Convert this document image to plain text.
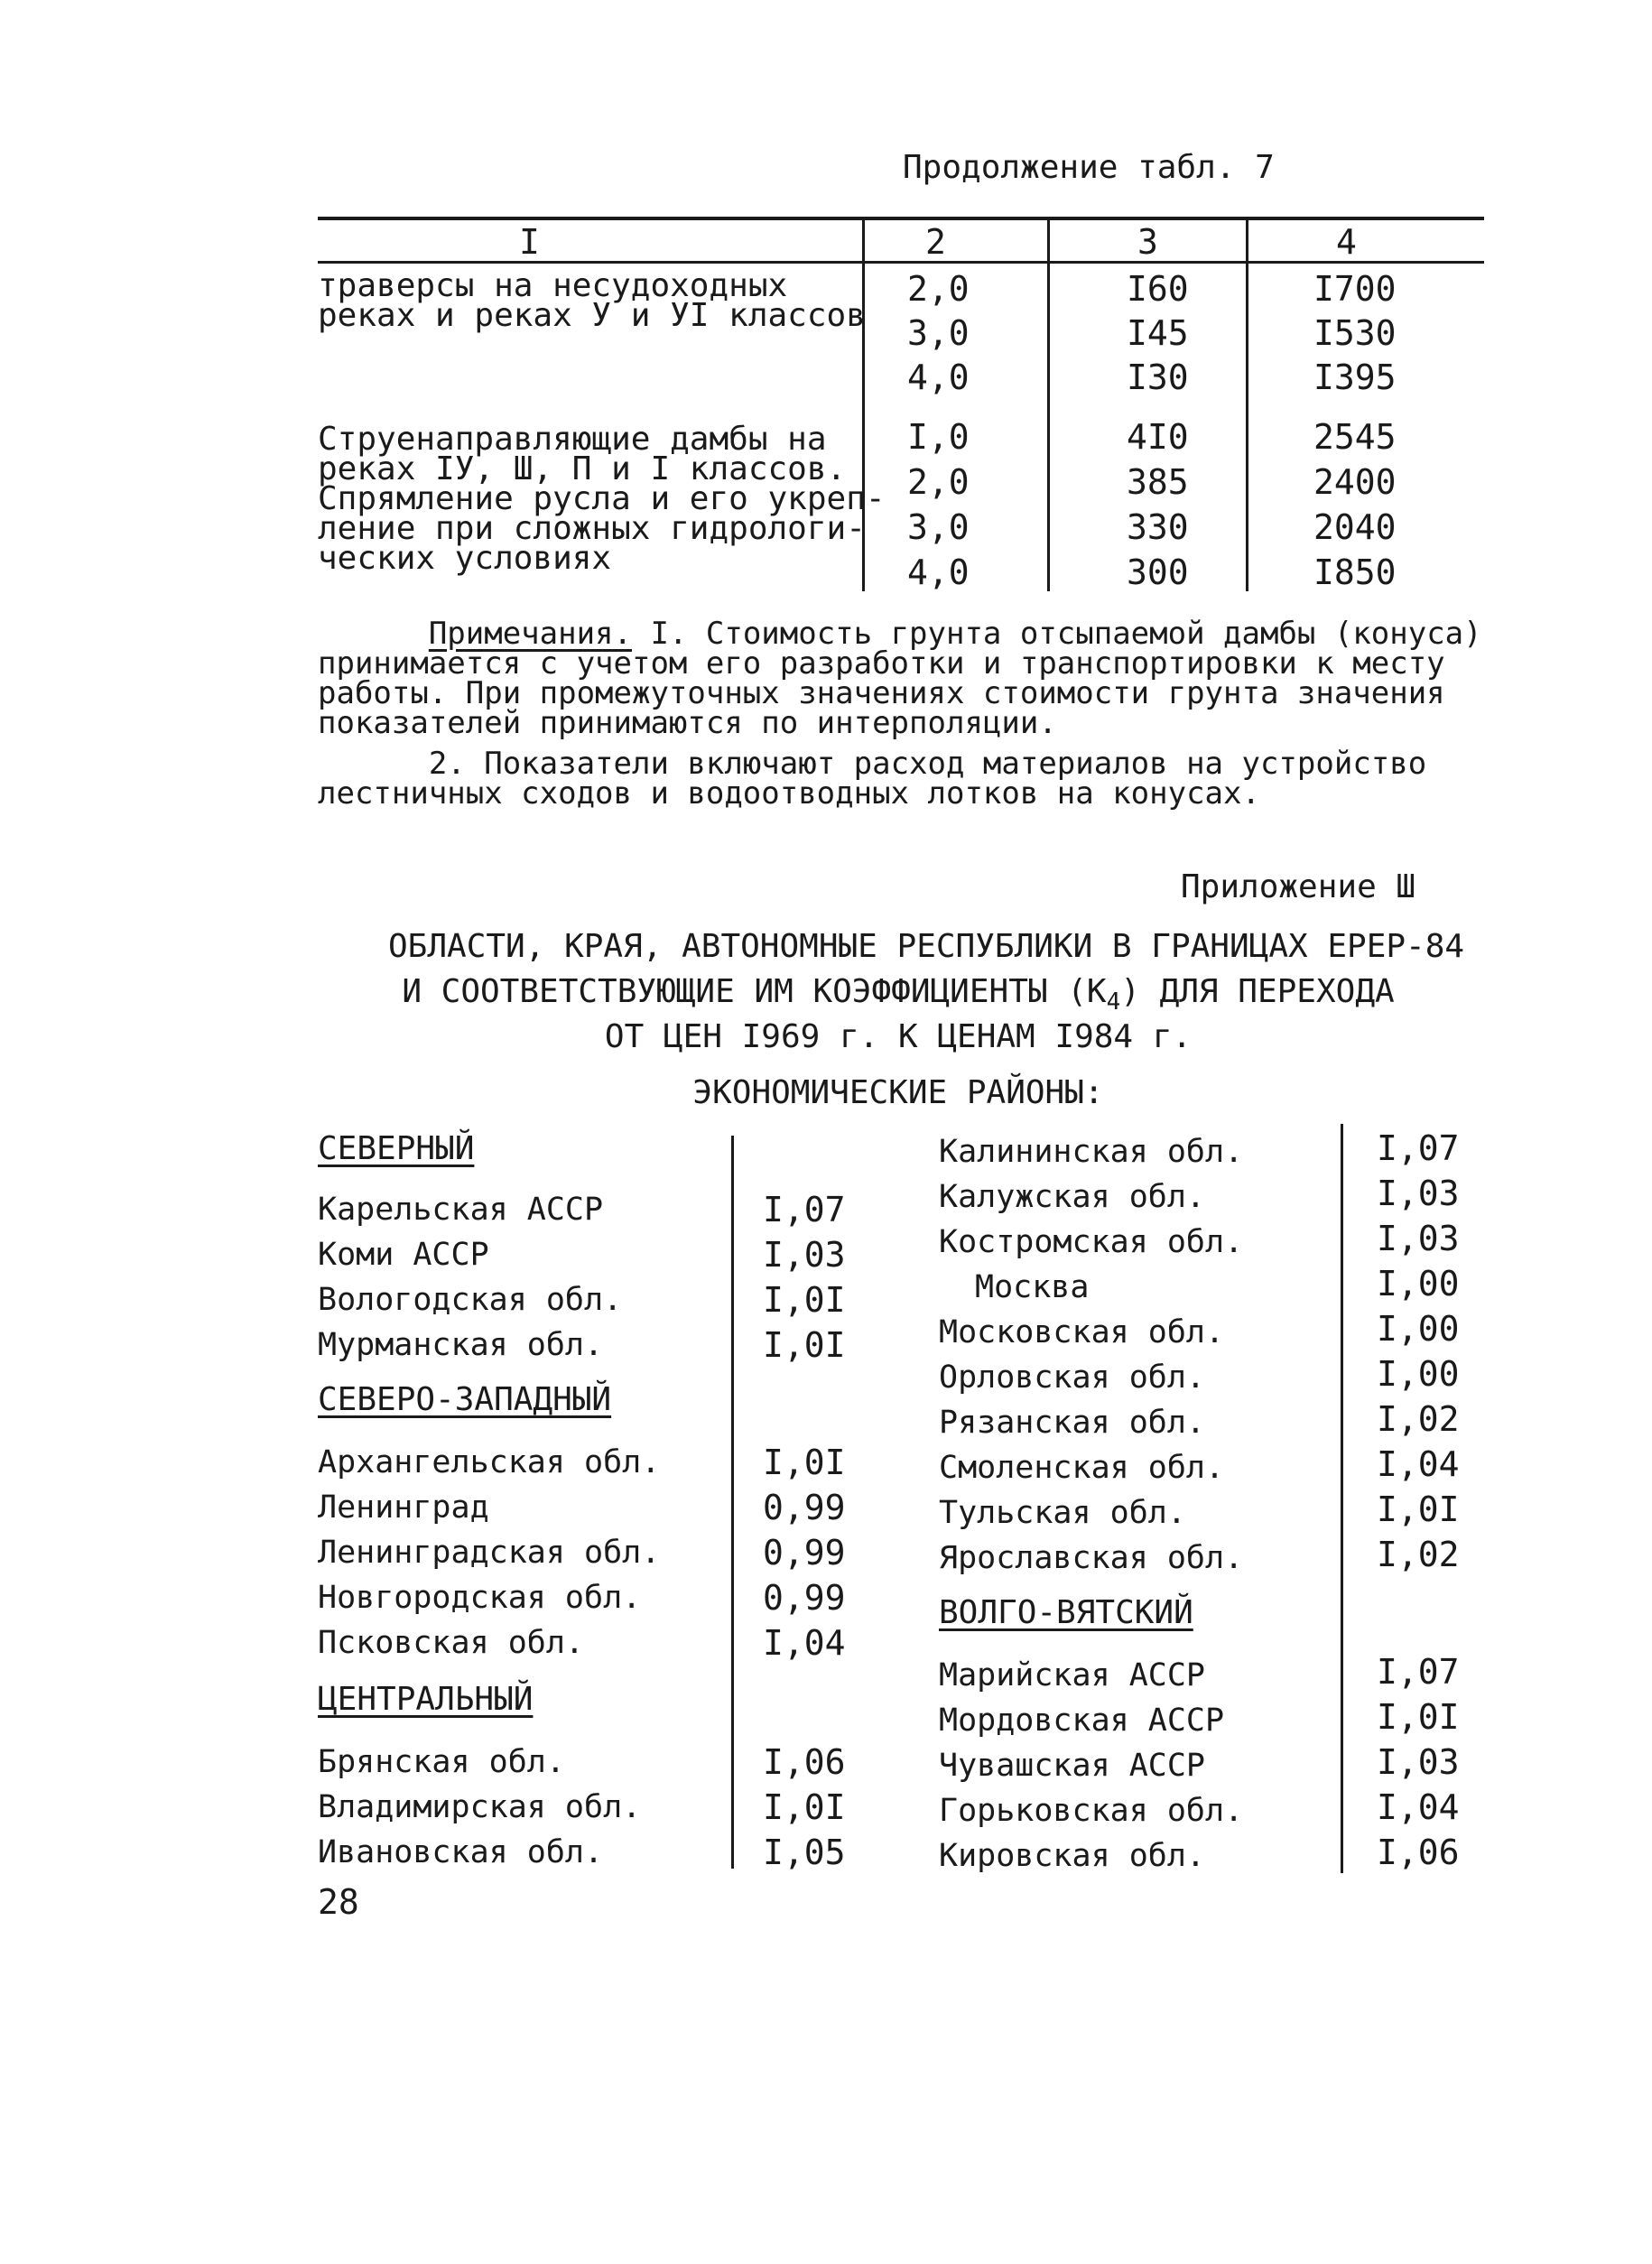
Продолжение табл. 7
I	2	3	4
траверсы на несудоходных
реках и реках У и УI классов
2,0	I60	I700
3,0	I45	I530
4,0	I30	I395
Струенаправляющие дамбы на
реках IУ, Ш, П и I классов.
Спрямление русла и его укреп-
ление при сложных гидрологи-
ческих условиях
I,0	4I0	2545
2,0	385	2400
3,0	330	2040
4,0	300	I850
Примечания. I. Стоимость грунта отсыпаемой дамбы (конуса)
принимается с учетом его разработки и транспортировки к месту
работы. При промежуточных значениях стоимости грунта значения
показателей принимаются по интерполяции.
2. Показатели включают расход материалов на устройство
лестничных сходов и водоотводных лотков на конусах.
Приложение Ш
ОБЛАСТИ, КРАЯ, АВТОНОМНЫЕ РЕСПУБЛИКИ В ГРАНИЦАХ ЕРЕР-84
И СООТВЕТСТВУЮЩИЕ ИМ КОЭФФИЦИЕНТЫ $(К_4)$ ДЛЯ ПЕРЕХОДА
ОТ ЦЕН I969 г. К ЦЕНАМ I984 г.
ЭКОНОМИЧЕСКИЕ РАЙОНЫ:
СЕВЕРНЫЙ
Карельская АССР	I,07
Коми АССР	I,03
Вологодская обл.	I,0I
Мурманская обл.	I,0I
СЕВЕРО-ЗАПАДНЫЙ
Архангельская обл.	I,0I
Ленинград	0,99
Ленинградская обл.	0,99
Новгородская обл.	0,99
Псковская обл.	I,04
ЦЕНТРАЛЬНЫЙ
Брянская обл.	I,06
Владимирская обл.	I,0I
Ивановская обл.	I,05
Калининская обл.	I,07
Калужская обл.	I,03
Костромская обл.	I,03
Москва	I,00
Московская обл.	I,00
Орловская обл.	I,00
Рязанская обл.	I,02
Смоленская обл.	I,04
Тульская обл.	I,0I
Ярославская обл.	I,02
ВОЛГО-ВЯТСКИЙ
Марийская АССР	I,07
Мордовская АССР	I,0I
Чувашская АССР	I,03
Горьковская обл.	I,04
Кировская обл.	I,06
28
